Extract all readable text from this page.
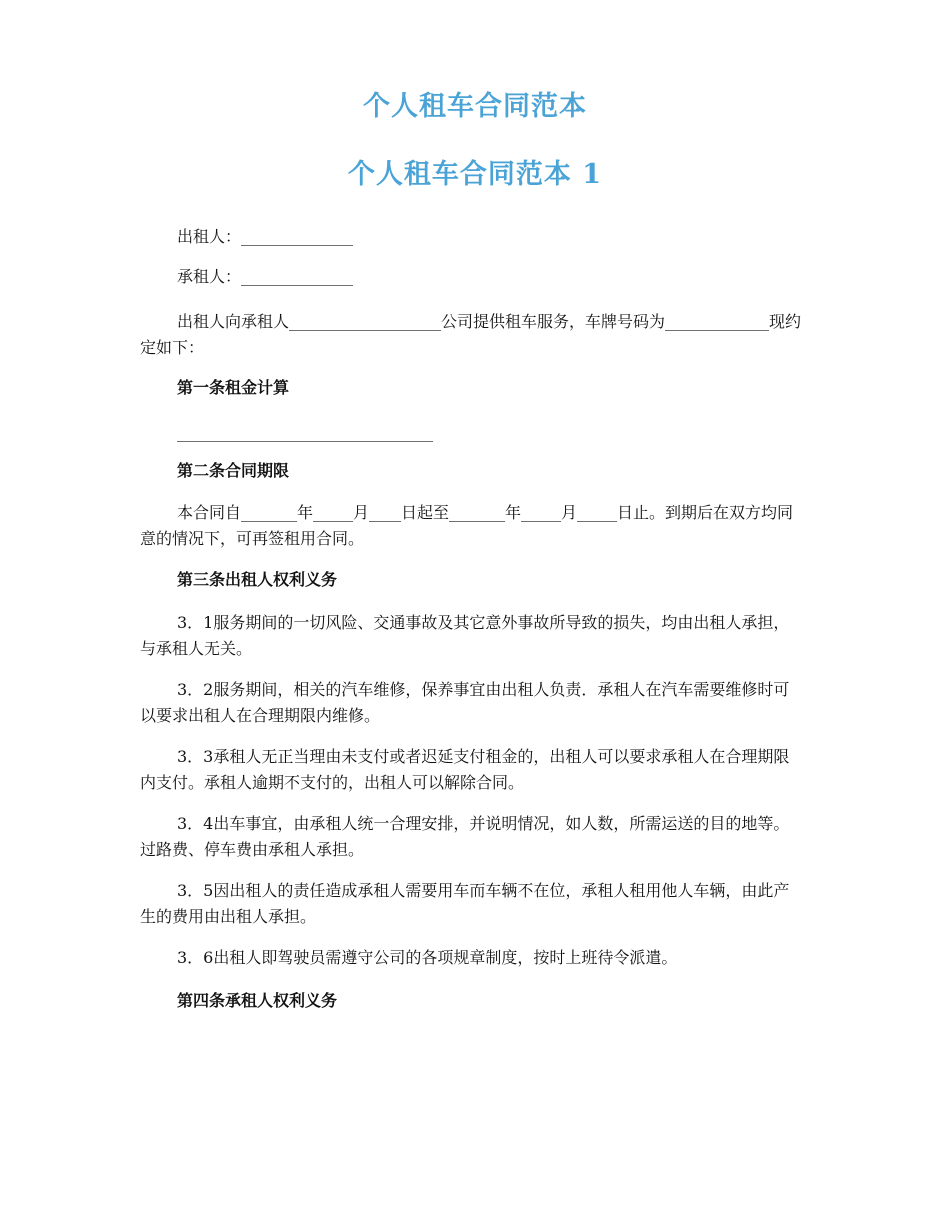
个人租车合同范本
个人租车合同范本 1

出租人：______________

承租人：______________

出租人向承租人___________________公司提供租车服务，车牌号码为_____________现约定如下：

第一条租金计算

________________________________

第二条合同期限

本合同自_______年_____月____日起至_______年_____月_____日止。到期后在双方均同意的情况下，可再签租用合同。

第三条出租人权利义务

3．1服务期间的一切风险、交通事故及其它意外事故所导致的损失，均由出租人承担，与承租人无关。

3．2服务期间，相关的汽车维修，保养事宜由出租人负责．承租人在汽车需要维修时可以要求出租人在合理期限内维修。

3．3承租人无正当理由未支付或者迟延支付租金的，出租人可以要求承租人在合理期限内支付。承租人逾期不支付的，出租人可以解除合同。

3．4出车事宜，由承租人统一合理安排，并说明情况，如人数，所需运送的目的地等。过路费、停车费由承租人承担。

3．5因出租人的责任造成承租人需要用车而车辆不在位，承租人租用他人车辆，由此产生的费用由出租人承担。

3．6出租人即驾驶员需遵守公司的各项规章制度，按时上班待令派遣。

第四条承租人权利义务
